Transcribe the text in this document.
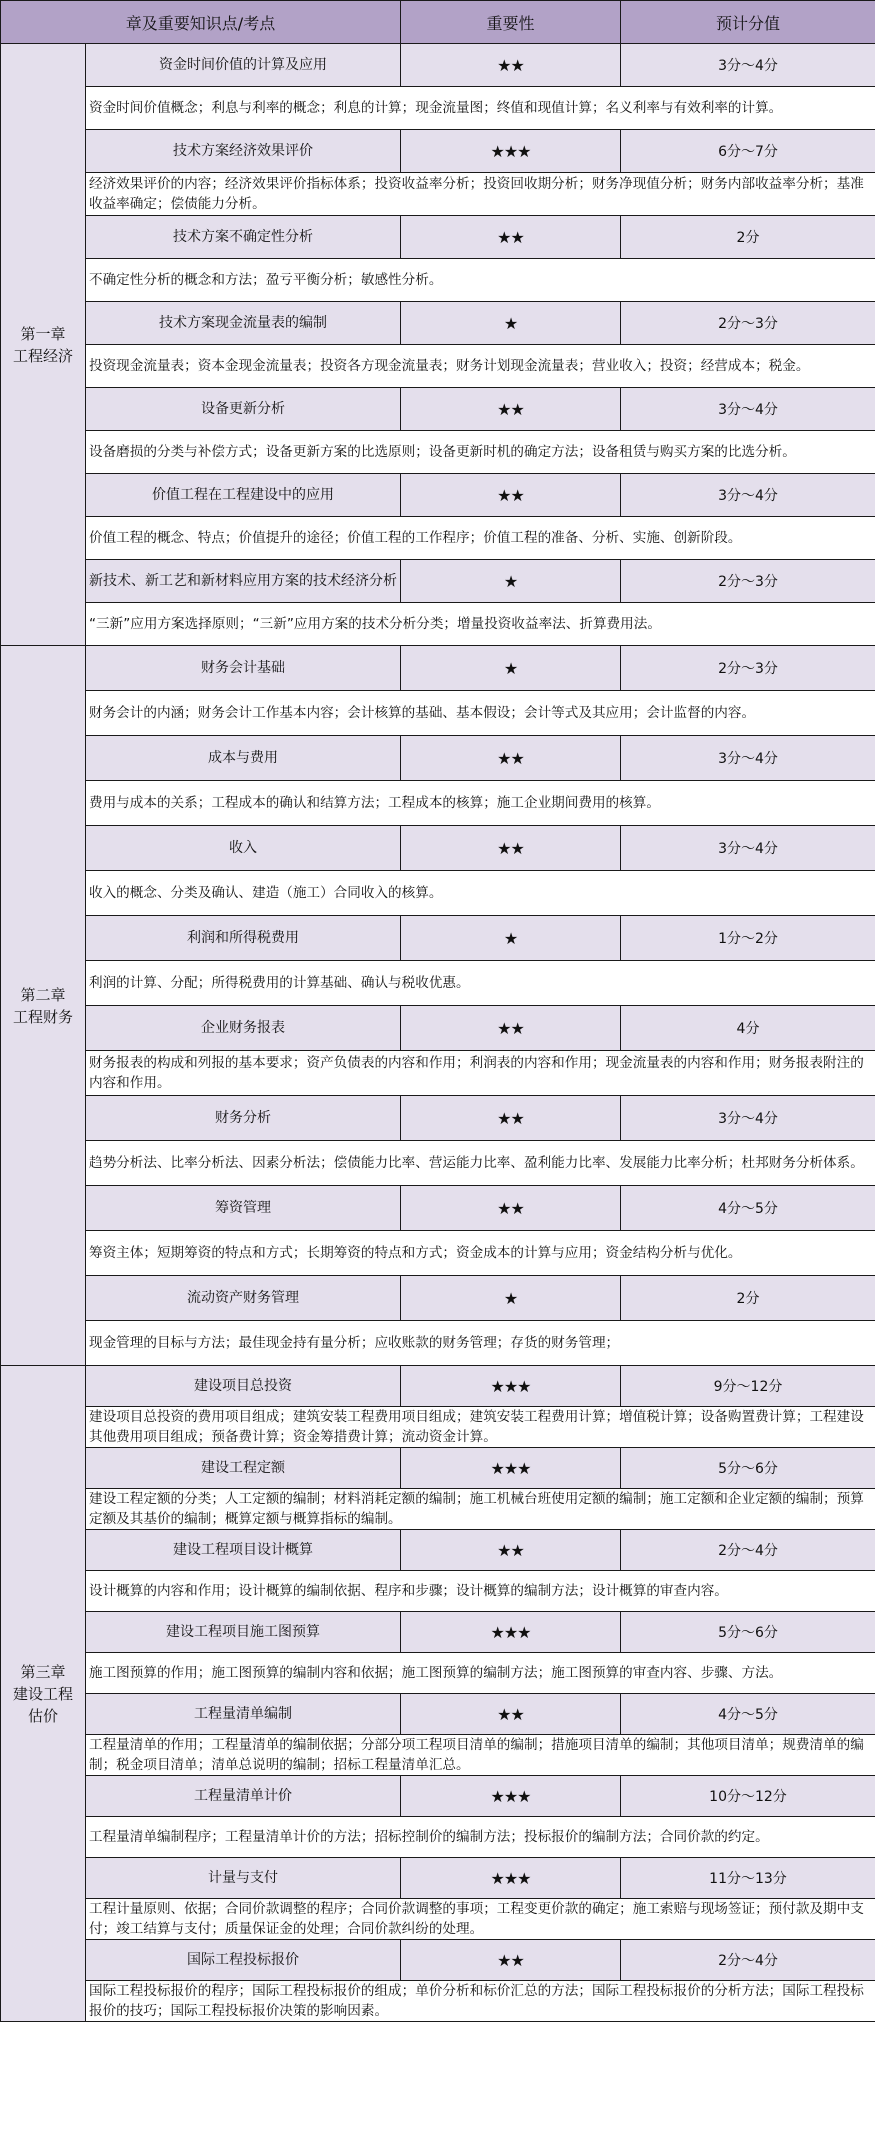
章及重要知识点/考点		重要性	预计分值

第一章
工程经济	资金时间价值的计算及应用	★★	3分～4分
	资金时间价值概念；利息与利率的概念；利息的计算；现金流量图；终值和现值计算；名义利率与有效利率的计算。		
	技术方案经济效果评价	★★★	6分～7分
	经济效果评价的内容；经济效果评价指标体系；投资收益率分析；投资回收期分析；财务净现值分析；财务内部收益率分析；基准收益率确定；偿债能力分析。		
	技术方案不确定性分析	★★	2分
	不确定性分析的概念和方法；盈亏平衡分析；敏感性分析。		
	技术方案现金流量表的编制	★	2分～3分
	投资现金流量表；资本金现金流量表；投资各方现金流量表；财务计划现金流量表；营业收入；投资；经营成本；税金。		
	设备更新分析	★★	3分～4分
	设备磨损的分类与补偿方式；设备更新方案的比选原则；设备更新时机的确定方法；设备租赁与购买方案的比选分析。		
	价值工程在工程建设中的应用	★★	3分～4分
	价值工程的概念、特点；价值提升的途径；价值工程的工作程序；价值工程的准备、分析、实施、创新阶段。		
	新技术、新工艺和新材料应用方案的技术经济分析	★	2分～3分
	“三新”应用方案选择原则；“三新”应用方案的技术分析分类；增量投资收益率法、折算费用法。		

第二章
工程财务	财务会计基础	★	2分～3分
	财务会计的内涵；财务会计工作基本内容；会计核算的基础、基本假设；会计等式及其应用；会计监督的内容。		
	成本与费用	★★	3分～4分
	费用与成本的关系；工程成本的确认和结算方法；工程成本的核算；施工企业期间费用的核算。		
	收入	★★	3分～4分
	收入的概念、分类及确认、建造（施工）合同收入的核算。		
	利润和所得税费用	★	1分～2分
	利润的计算、分配；所得税费用的计算基础、确认与税收优惠。		
	企业财务报表	★★	4分
	财务报表的构成和列报的基本要求；资产负债表的内容和作用；利润表的内容和作用；现金流量表的内容和作用；财务报表附注的内容和作用。		
	财务分析	★★	3分～4分
	趋势分析法、比率分析法、因素分析法；偿债能力比率、营运能力比率、盈利能力比率、发展能力比率分析；杜邦财务分析体系。		
	筹资管理	★★	4分～5分
	筹资主体；短期筹资的特点和方式；长期筹资的特点和方式；资金成本的计算与应用；资金结构分析与优化。		
	流动资产财务管理	★	2分
	现金管理的目标与方法；最佳现金持有量分析；应收账款的财务管理；存货的财务管理；		

第三章
建设工程
估价	建设项目总投资	★★★	9分～12分
	建设项目总投资的费用项目组成；建筑安装工程费用项目组成；建筑安装工程费用计算；增值税计算；设备购置费计算；工程建设其他费用项目组成；预备费计算；资金筹措费计算；流动资金计算。		
	建设工程定额	★★★	5分～6分
	建设工程定额的分类；人工定额的编制；材料消耗定额的编制；施工机械台班使用定额的编制；施工定额和企业定额的编制；预算定额及其基价的编制；概算定额与概算指标的编制。		
	建设工程项目设计概算	★★	2分～4分
	设计概算的内容和作用；设计概算的编制依据、程序和步骤；设计概算的编制方法；设计概算的审查内容。		
	建设工程项目施工图预算	★★★	5分～6分
	施工图预算的作用；施工图预算的编制内容和依据；施工图预算的编制方法；施工图预算的审查内容、步骤、方法。		
	工程量清单编制	★★	4分～5分
	工程量清单的作用；工程量清单的编制依据；分部分项工程项目清单的编制；措施项目清单的编制；其他项目清单；规费清单的编制；税金项目清单；清单总说明的编制；招标工程量清单汇总。		
	工程量清单计价	★★★	10分～12分
	工程量清单编制程序；工程量清单计价的方法；招标控制价的编制方法；投标报价的编制方法；合同价款的约定。		
	计量与支付	★★★	11分～13分
	工程计量原则、依据；合同价款调整的程序；合同价款调整的事项；工程变更价款的确定；施工索赔与现场签证；预付款及期中支付；竣工结算与支付；质量保证金的处理；合同价款纠纷的处理。		
	国际工程投标报价	★★	2分～4分
	国际工程投标报价的程序；国际工程投标报价的组成；单价分析和标价汇总的方法；国际工程投标报价的分析方法；国际工程投标报价的技巧；国际工程投标报价决策的影响因素。		
